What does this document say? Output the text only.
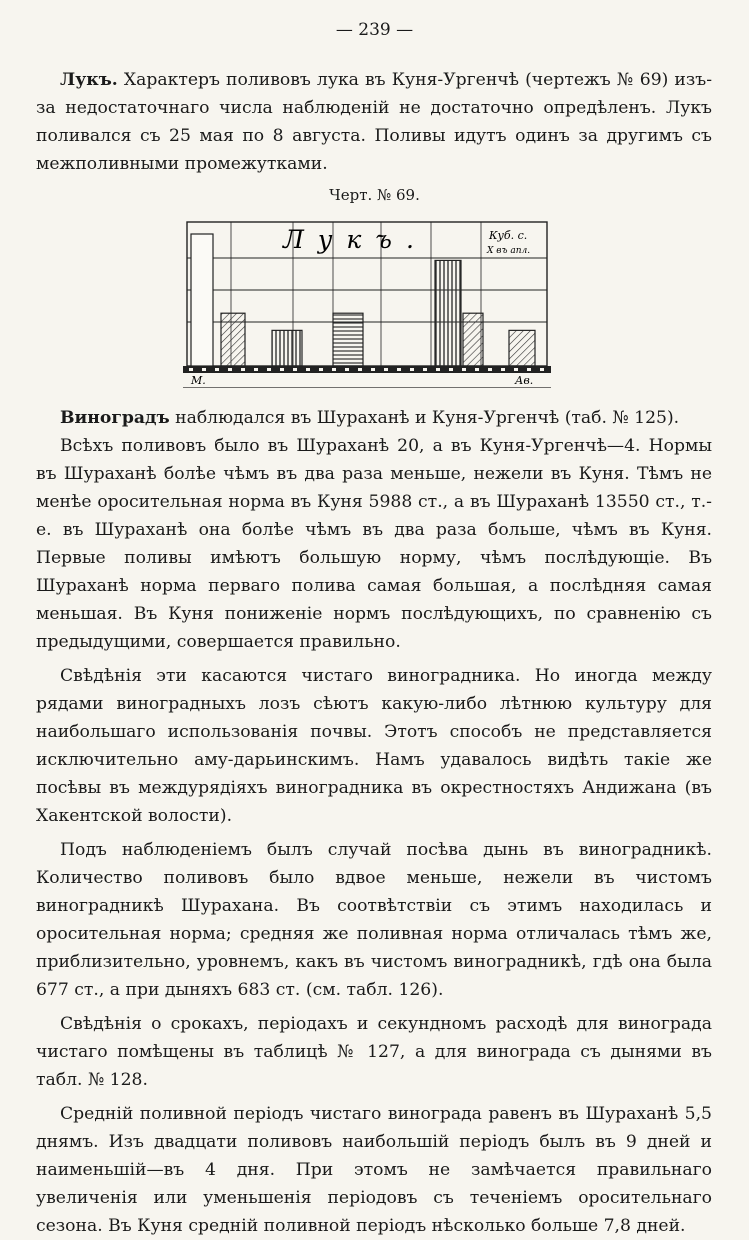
— 239 —

Лукъ. Характеръ поливовъ лука въ Куня-Ургенчѣ (чертежъ № 69) изъ-за недостаточнаго числа наблюденій не достаточно опредѣленъ. Лукъ поливался съ 25 мая по 8 августа. Поливы идутъ одинъ за другимъ съ межполивными промежутками.

Черт. № 69.
Лукъ.	Куб. с.
Х въ апл.
М.	Ав.

Виноградъ наблюдался въ Шураханѣ и Куня-Ургенчѣ (таб. № 125).

Всѣхъ поливовъ было въ Шураханѣ 20, а въ Куня-Ургенчѣ—4. Нормы въ Шураханѣ болѣе чѣмъ въ два раза меньше, нежели въ Куня. Тѣмъ не менѣе оросительная норма въ Куня 5988 ст., а въ Шураханѣ 13550 ст., т.-е. въ Шураханѣ она болѣе чѣмъ въ два раза больше, чѣмъ въ Куня. Первые поливы имѣютъ большую норму, чѣмъ послѣдующіе. Въ Шураханѣ норма перваго полива самая большая, а послѣдняя самая меньшая. Въ Куня пониженіе нормъ послѣдующихъ, по сравненію съ предыдущими, совершается правильно.

Свѣдѣнія эти касаются чистаго виноградника. Но иногда между рядами виноградныхъ лозъ сѣютъ какую-либо лѣтнюю культуру для наибольшаго использованія почвы. Этотъ способъ не представляется исключительно аму-дарьинскимъ. Намъ удавалось видѣть такіе же посѣвы въ междурядіяхъ виноградника въ окрестностяхъ Андижана (въ Хакентской волости).

Подъ наблюденіемъ былъ случай посѣва дынь въ виноградникѣ. Количество поливовъ было вдвое меньше, нежели въ чистомъ виноградникѣ Шурахана. Въ соотвѣтствіи съ этимъ находилась и оросительная норма; средняя же поливная норма отличалась тѣмъ же, приблизительно, уровнемъ, какъ въ чистомъ виноградникѣ, гдѣ она была 677 ст., а при дыняхъ 683 ст. (см. табл. 126).

Свѣдѣнія о срокахъ, періодахъ и секундномъ расходѣ для винограда чистаго помѣщены въ таблицѣ № 127, а для винограда съ дынями въ табл. № 128.

Средній поливной періодъ чистаго винограда равенъ въ Шураханѣ 5,5 днямъ. Изъ двадцати поливовъ наибольшій періодъ былъ въ 9 дней и наименьшій—въ 4 дня. При этомъ не замѣчается правильнаго увеличенія или уменьшенія періодовъ съ теченіемъ оросительнаго сезона. Въ Куня средній поливной періодъ нѣсколько больше 7,8 дней.
